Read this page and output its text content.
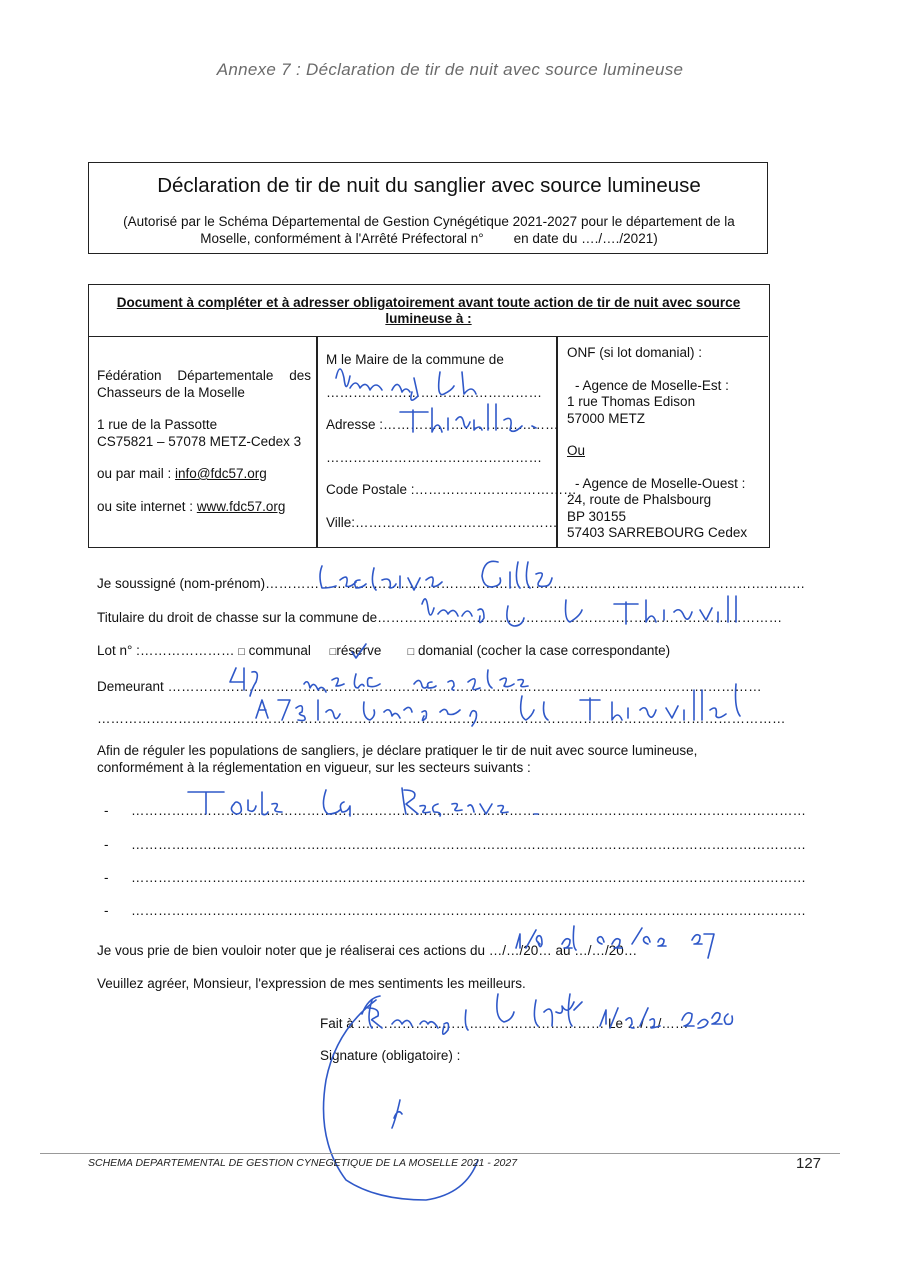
Annexe 7 : Déclaration de tir de nuit avec source lumineuse
Déclaration de tir de nuit du sanglier avec source lumineuse
(Autorisé par le Schéma Départemental de Gestion Cynégétique 2021-2027 pour le département de la
Moselle, conformément à l'Arrêté Préfectoral n°        en date du …./…./2021)
Document à compléter et à adresser obligatoirement avant toute action de tir de nuit avec source
lumineuse à :
Fédération Départementale des
Chasseurs de la Moselle
1 rue de la Passotte
CS75821 – 57078 METZ-Cedex 3
ou par mail : info@fdc57.org
ou site internet : www.fdc57.org
M le Maire de la commune de
…………………………………………
Adresse :…………………………………
…………………………………………
Code Postale :………………………………
Ville:………………………………………
ONF (si lot domanial) :
- Agence de Moselle-Est :
1 rue Thomas Edison
57000 METZ
Ou
- Agence de Moselle-Ouest :
24, route de Phalsbourg
BP 30155
57403 SARREBOURG Cedex
Je soussigné (nom-prénom)…………………………………………………………………………………………………………
Titulaire du droit de chasse sur la commune de………………………………………………………………………………
Lot n° :………………… □ communal □réserve □ domanial (cocher la case correspondante)
Demeurant ……………………………………………………………………………………………………………………
………………………………………………………………………………………………………………………………………
Afin de réguler les populations de sangliers, je déclare pratiquer le tir de nuit avec source lumineuse,
conformément à la réglementation en vigueur, sur les secteurs suivants :
- ……………………………………………………………………………………………………………………………………
- ……………………………………………………………………………………………………………………………………
- ……………………………………………………………………………………………………………………………………
- ……………………………………………………………………………………………………………………………………
Je vous prie de bien vouloir noter que je réaliserai ces actions du …/…/20… au …/…/20…
Veuillez agréer, Monsieur, l'expression de mes sentiments les meilleurs.
Fait à :……………………………………………… Le …/…/……
Signature (obligatoire) :
SCHEMA DEPARTEMENTAL DE GESTION CYNEGETIQUE DE LA MOSELLE 2021 - 2027	127
